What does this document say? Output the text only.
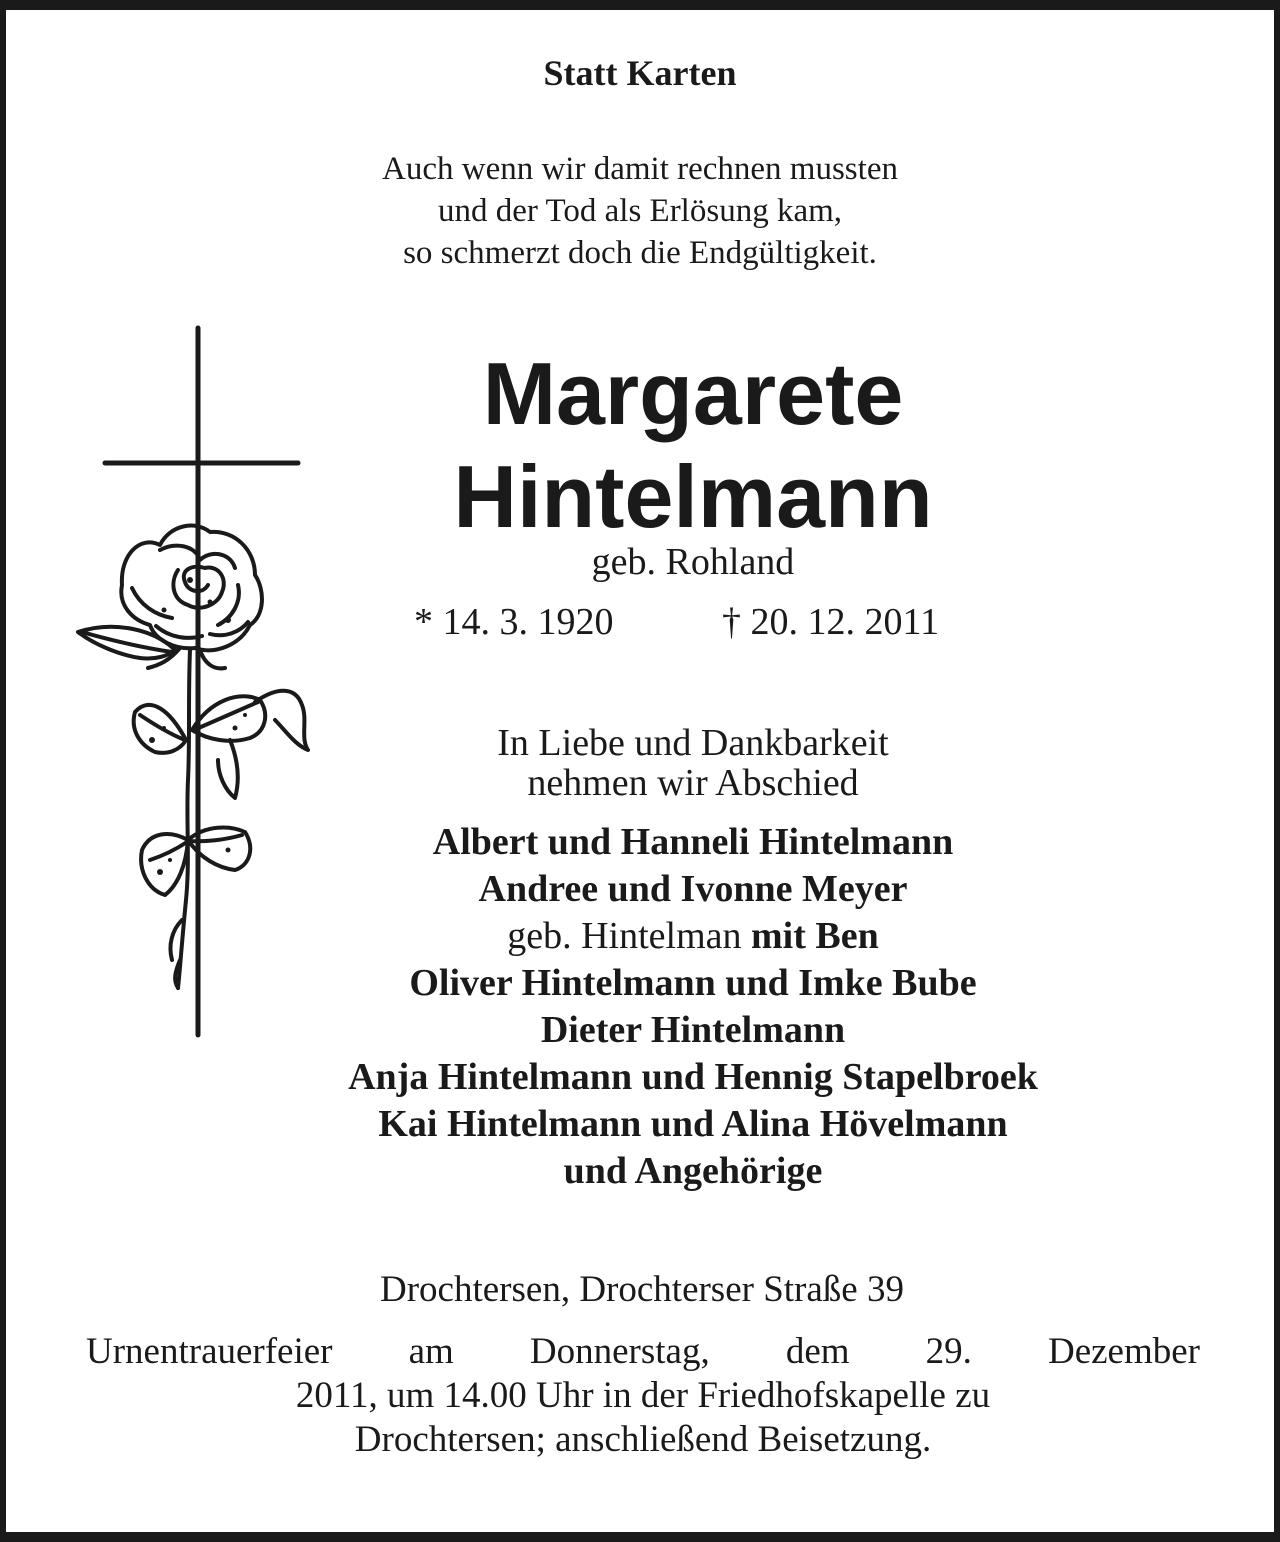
Statt Karten
Auch wenn wir damit rechnen mussten
und der Tod als Erlösung kam,
so schmerzt doch die Endgültigkeit.
Margarete
Hintelmann
geb. Rohland
* 14. 3. 1920	† 20. 12. 2011
In Liebe und Dankbarkeit
nehmen wir Abschied
Albert und Hanneli Hintelmann
Andree und Ivonne Meyer
geb. Hintelman mit Ben
Oliver Hintelmann und Imke Bube
Dieter Hintelmann
Anja Hintelmann und Hennig Stapelbroek
Kai Hintelmann und Alina Hövelmann
und Angehörige
Drochtersen, Drochterser Straße 39
Urnentrauerfeier am Donnerstag, dem 29. Dezember
2011, um 14.00 Uhr in der Friedhofskapelle zu
Drochtersen; anschließend Beisetzung.
